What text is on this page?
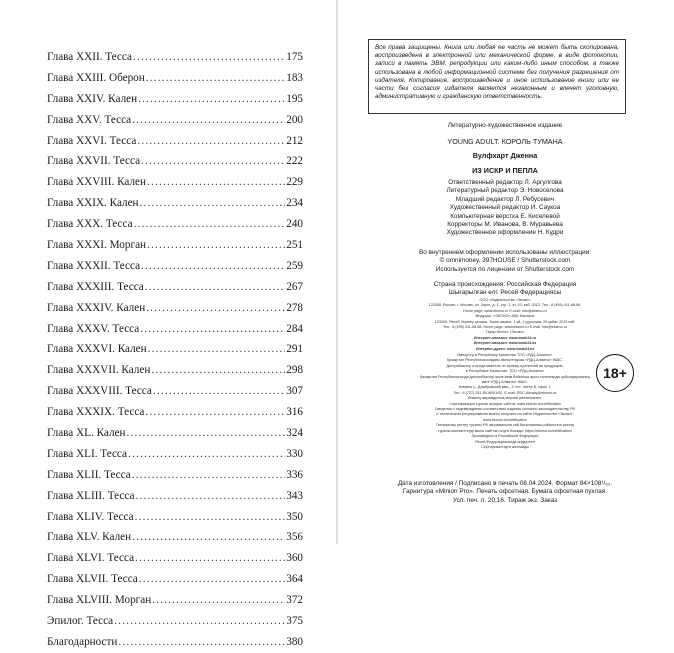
Глава XXII. Тесса .....	175
Глава XXIII. Оберон .....	183
Глава XXIV. Кален .....	195
Глава XXV. Тесса .....	200
Глава XXVI. Тесса .....	212
Глава XXVII. Тесса .....	222
Глава XXVIII. Кален .....	229
Глава XXIX. Кален .....	234
Глава XXX. Тесса .....	240
Глава XXXI. Морган .....	251
Глава XXXII. Тесса .....	259
Глава XXXIII. Тесса .....	267
Глава XXXIV. Кален .....	278
Глава XXXV. Тесса .....	284
Глава XXXVI. Кален .....	291
Глава XXXVII. Кален .....	298
Глава XXXVIII. Тесса .....	307
Глава XXXIX. Тесса .....	316
Глава XL. Кален .....	324
Глава XLI. Тесса .....	330
Глава XLII. Тесса .....	336
Глава XLIII. Тесса .....	343
Глава XLIV. Тесса .....	350
Глава XLV. Кален .....	356
Глава XLVI. Тесса .....	360
Глава XLVII. Тесса .....	364
Глава XLVIII. Морган .....	372
Эпилог. Тесса .....	375
Благодарности .....	380
Все права защищены. Книга или любая ее часть не может быть скопирована, воспроизведена в электронной или механической форме, в виде фотокопии, записи в память ЭВМ, репродукции или каким-либо иным способом, а также использована в любой информационной системе без получения разрешения от издателя. Копирование, воспроизведение и иное использование книги или ее части без согласия издателя является незаконным и влечет уголовную, административную и гражданскую ответственность.
Литературно-художественное издание
YOUNG ADULT. КОРОЛЬ ТУМАНА
Вулфхарт Дженна
ИЗ ИСКР И ПЕПЛА
Ответственный редактор Л. Аргулгова
Литературный редактор Э. Новоселова
Младший редактор Л. Ребусевич
Художественный редактор И. Саукоа
Компьютерная верстка Е. Киселевой
Корректоры М. Иванова, В. Муравьева
Художественное оформление Н. Кудри
Во внутреннем оформлении использованы иллюстрации:
© omnimoney, 397HOUSE / Shutterstock.com
Используется по лицензии от Shutterstock.com
Страна происхождения: Российская Федерация
Шығарылған елі: Ресей Федерациясы
ООО «Издательство «Эксмо»
123308, Россия, г. Москва, ул. Зорге, д. 1, стр. 1, эт. 20, каб. 2013. Тел.: 8 (495) 411-68-86.
Home page: www.eksmo.ru E-mail: info@eksmo.ru
Өндіруші: «ЭКСМО» АҚБ Баспасы
123308, Ресей, Мәскеу қаласы, Зорге көшесі, 1 үй, 1 құрылым, 20 қабат, 2013 каб.
Тел.: 8 (495) 411-68-86. Home page: www.eksmo.ru E-mail: info@eksmo.ru
Тауар белгісі: «Эксмо»
Интернет-магазин: www.book24.ru
Интернет-магазин: www.book24.kz
Интернет-дүкен: www.book24.kz
Импортер в Республику Казахстан ТОО «РДЦ-Алматы».
Қазақстан Республикасындағы импорттаушы «РДЦ-Алматы» ЖШС.
Дистрибьютор и представитель по приему претензий на продукцию,
в Республике Казахстан: ТОО «РДЦ-Алматы»
Қазақстан Республикасында дистрибьютор және өнім бойынша арыз-талаптарды қабылдаушының
өкілі «РДЦ-Алматы» ЖШС,
Алматы қ., Домбровский көш., 3 «а», литер Б, офис 1.
Тел.: 8 (727) 251-59-90/91/92. E-mail: RDC-Almaty@eksmo.kz
Өнімнің жарамдылық мерзімі шектелмеген.
Сертификация туралы ақпарат сайтта: www.eksmo.ru/certification
Сведения о подтверждении соответствия издания согласно законодательству РФ
о техническом регулировании можно получить на сайте Издательства «Эксмо»:
www.eksmo.ru/certification
Техникалық реттеу туралы РФ заңнамасына сай басылымның сәйкестігін растау
туралы мәліметтерді мына сайттан алуға болады: https://eksmo.ru/certification/
Произведено в Российской Федерации
Ресей Федерациясында өндірілген
Сертификаттауға жатпайды
18+
Дата изготовления / Подписано в печать 08.04.2024. Формат 84×108¹/₃₂.
Гарнитура «Minion Pro». Печать офсетная. Бумага офсетная пухлая.
Усл. печ. л. 20,16. Тираж экз. Заказ
